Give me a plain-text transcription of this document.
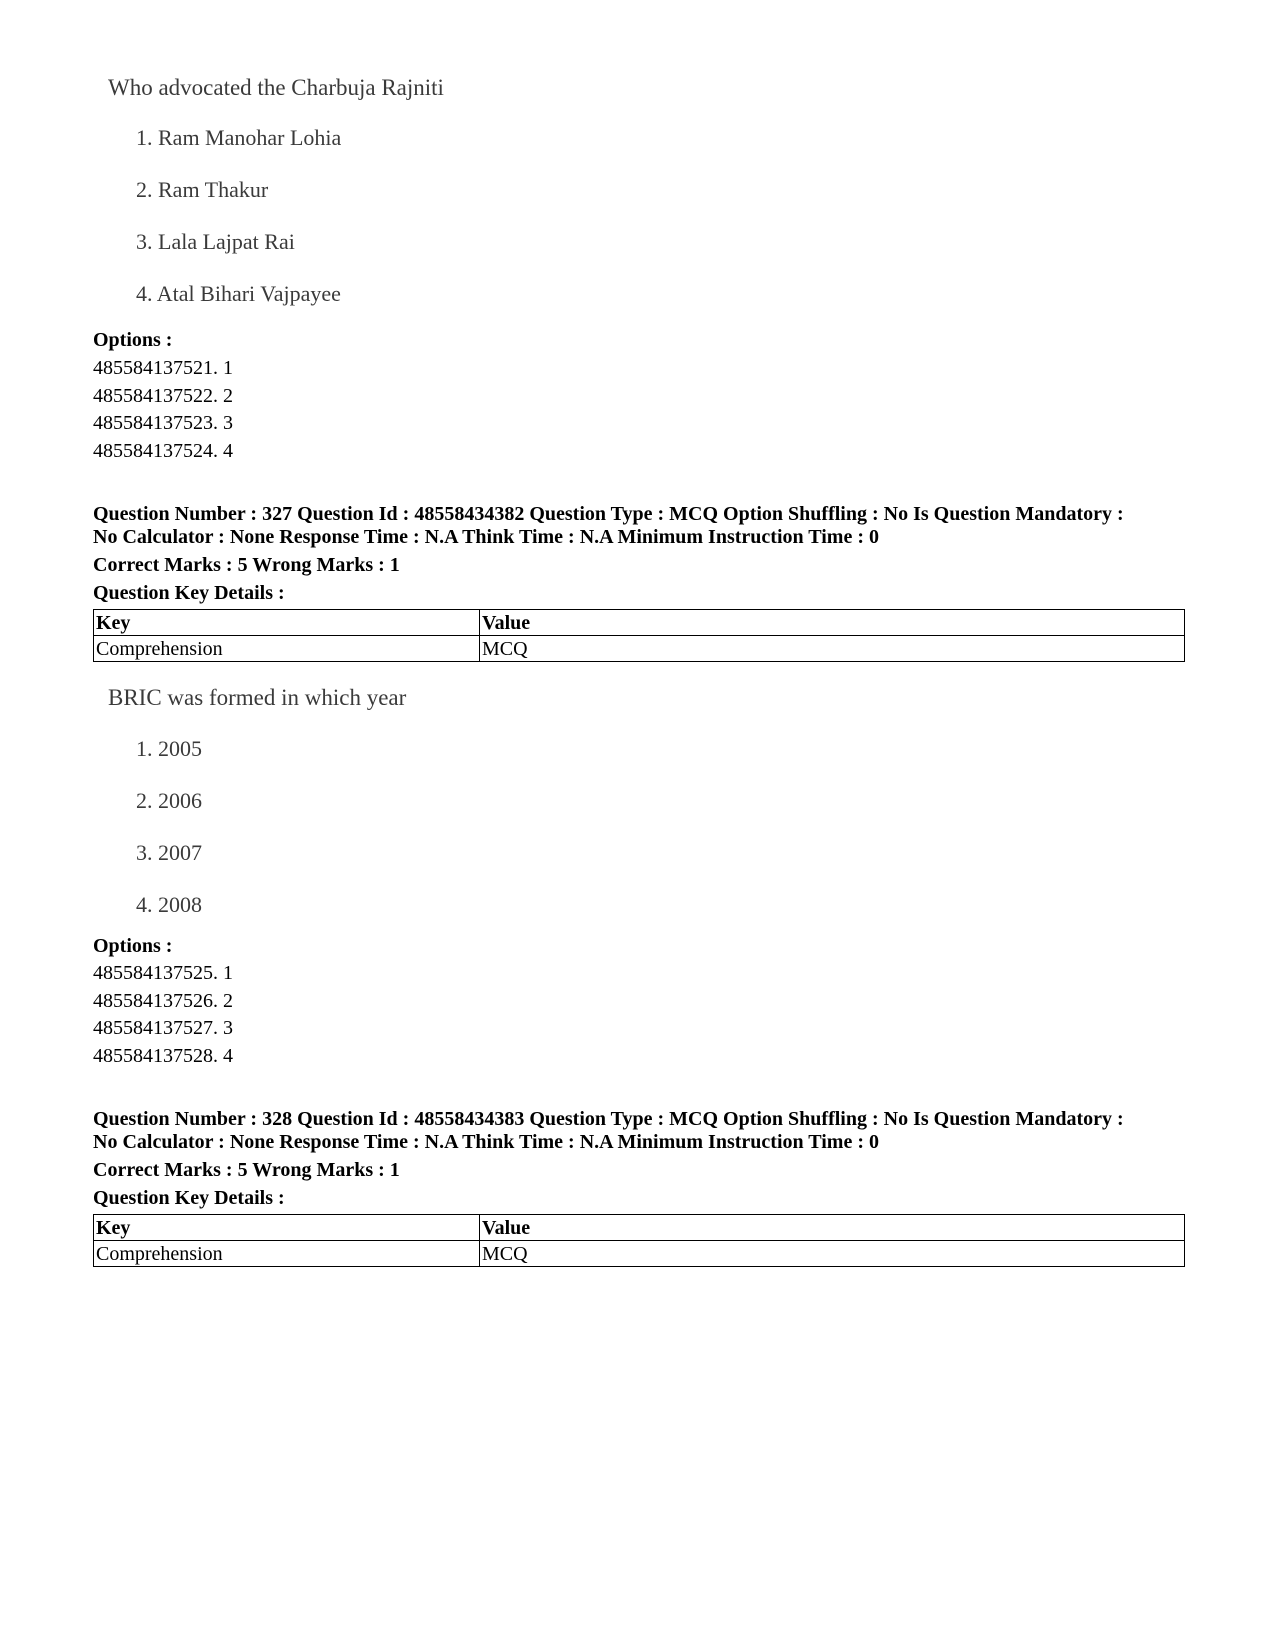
Who advocated the Charbuja Rajniti

1. Ram Manohar Lohia
2. Ram Thakur
3. Lala Lajpat Rai
4. Atal Bihari Vajpayee
Options :
485584137521. 1
485584137522. 2
485584137523. 3
485584137524. 4
Question Number : 327 Question Id : 48558434382 Question Type : MCQ Option Shuffling : No Is Question Mandatory :
No Calculator : None Response Time : N.A Think Time : N.A Minimum Instruction Time : 0
Correct Marks : 5 Wrong Marks : 1
Question Key Details :
Key	Value
Comprehension	MCQ

BRIC was formed in which year

1. 2005
2. 2006
3. 2007
4. 2008
Options :
485584137525. 1
485584137526. 2
485584137527. 3
485584137528. 4
Question Number : 328 Question Id : 48558434383 Question Type : MCQ Option Shuffling : No Is Question Mandatory :
No Calculator : None Response Time : N.A Think Time : N.A Minimum Instruction Time : 0
Correct Marks : 5 Wrong Marks : 1
Question Key Details :
Key	Value
Comprehension	MCQ
